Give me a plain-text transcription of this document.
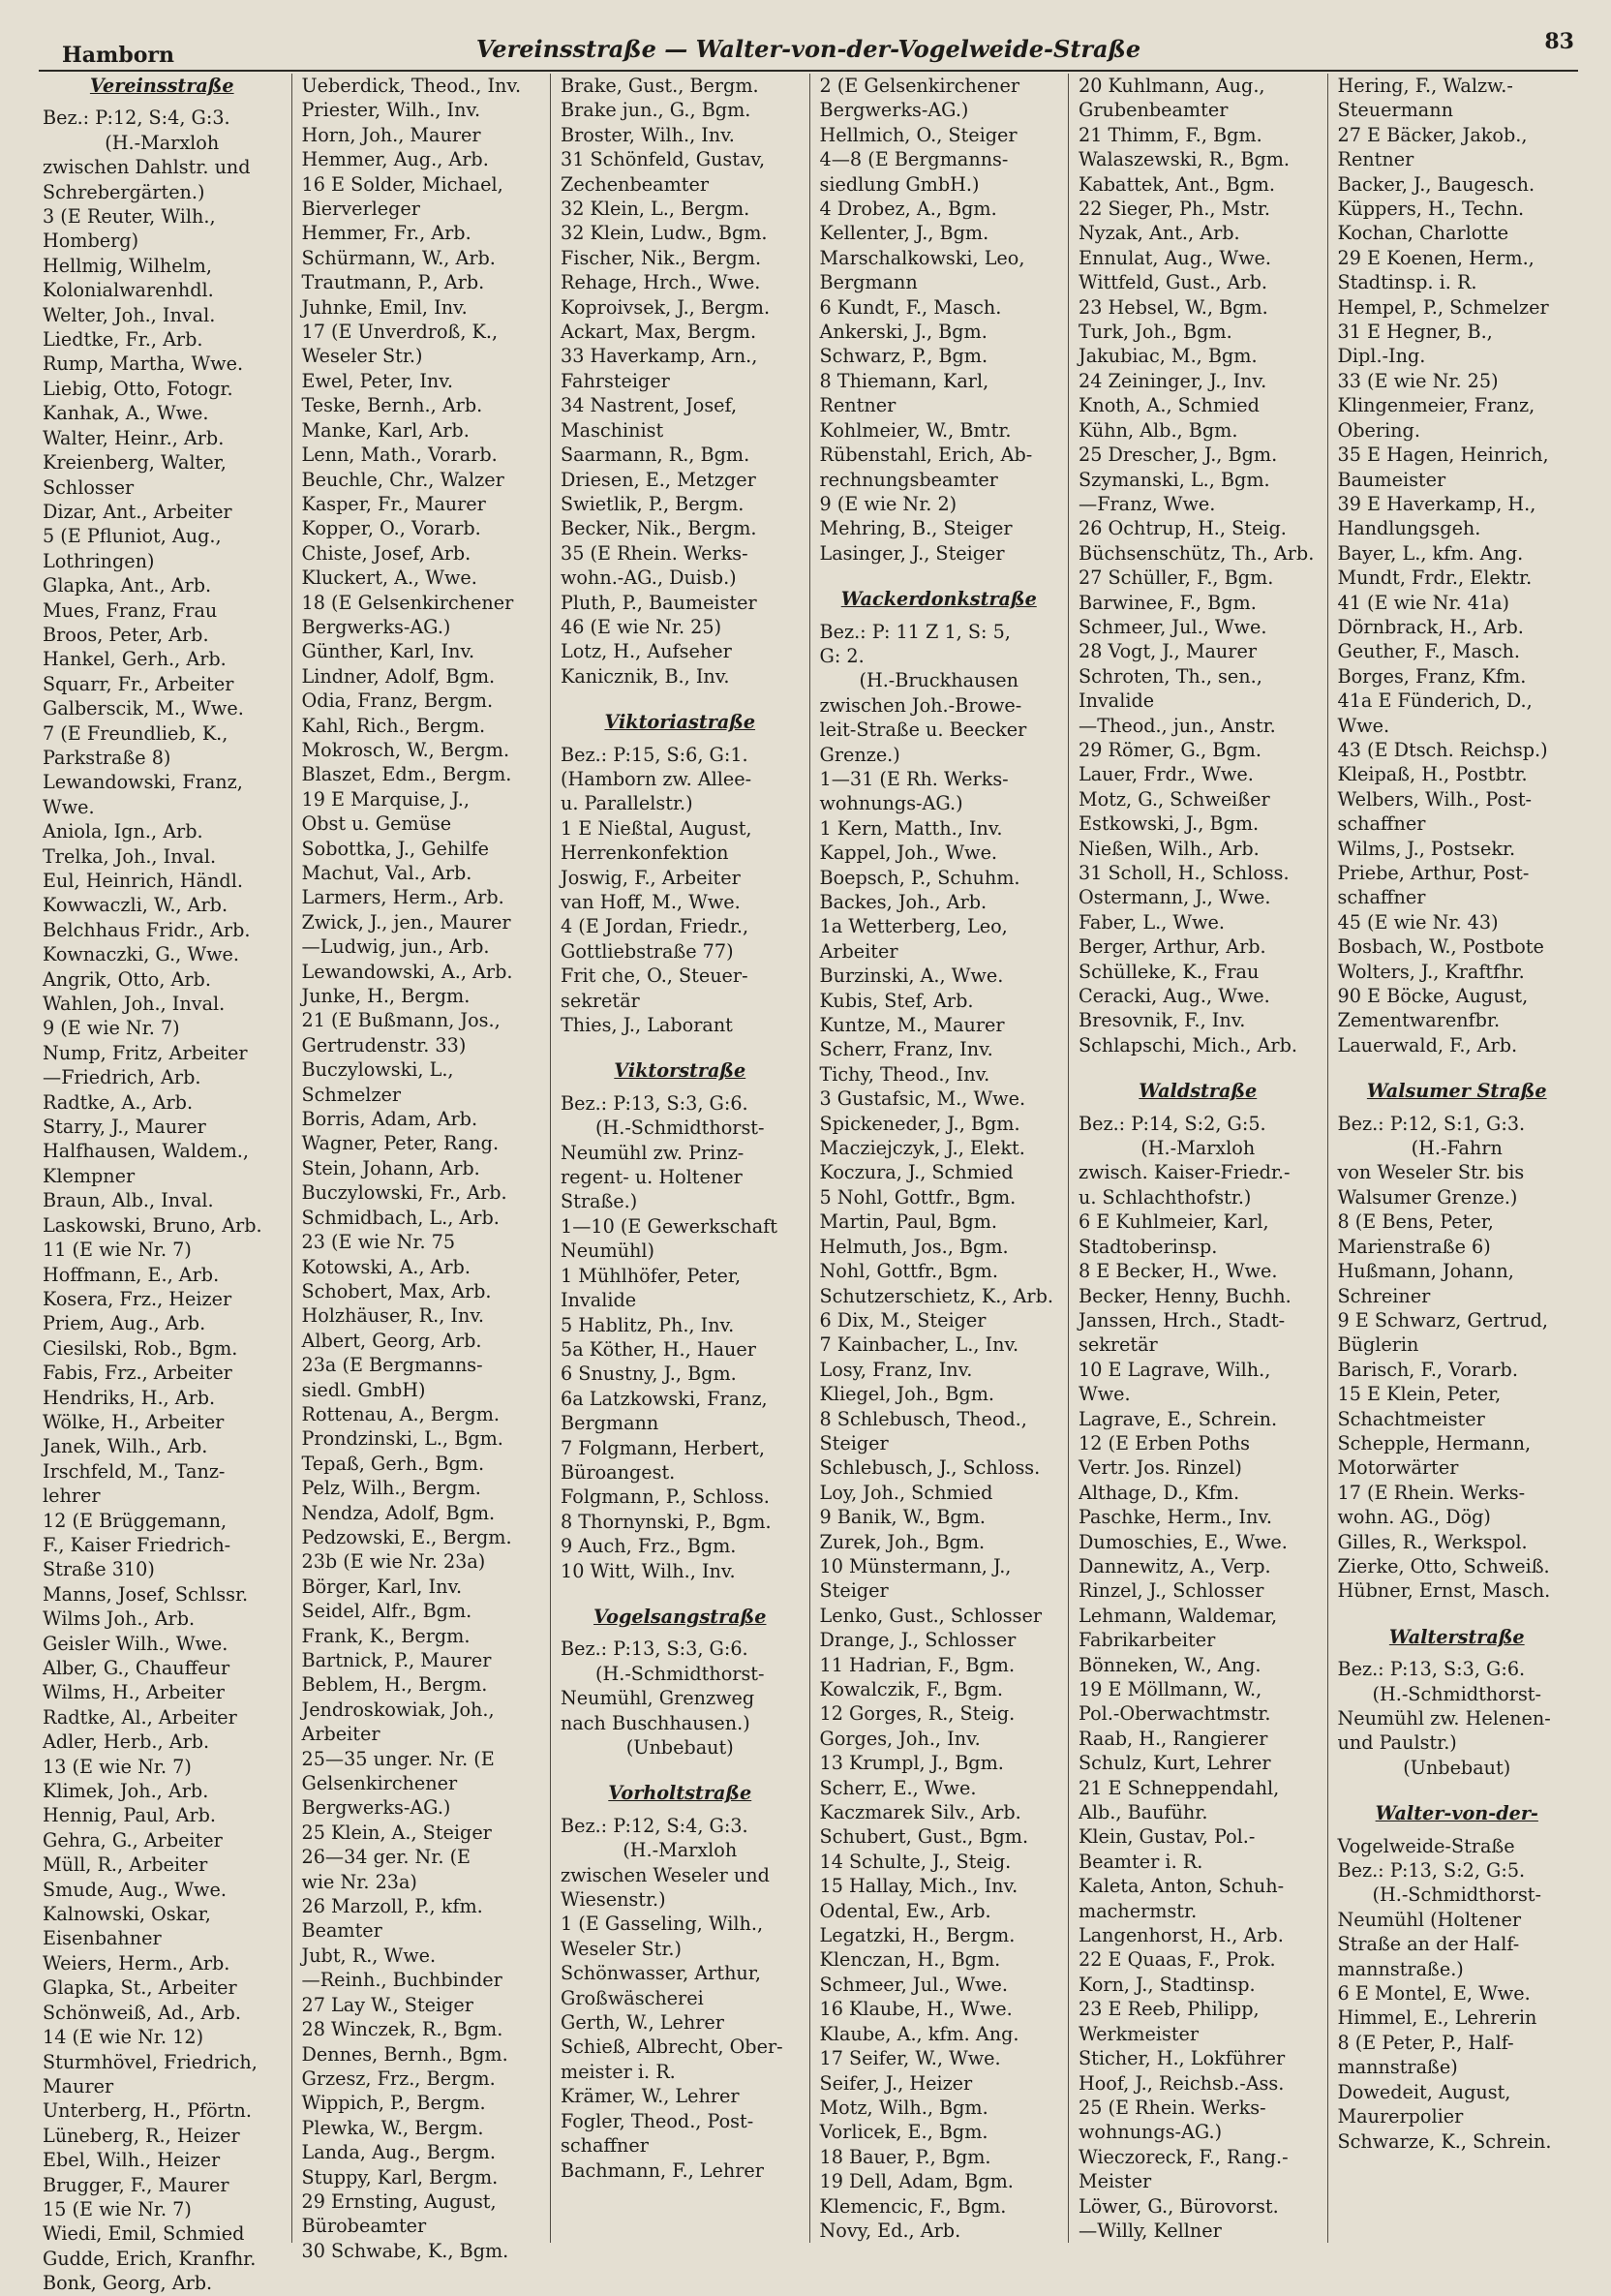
Hamborn	Vereinsstraße — Walter-von-der-Vogelweide-Straße	83

Vereinsstraße

Bez.: P:12, S:4, G:3.

(H.-Marxloh

zwischen Dahlstr. und

Schrebergärten.)

3 (E Reuter, Wilh.,

Homberg)

Hellmig, Wilhelm,

Kolonialwarenhdl.

Welter, Joh., Inval.

Liedtke, Fr., Arb.

Rump, Martha, Wwe.

Liebig, Otto, Fotogr.

Kanhak, A., Wwe.

Walter, Heinr., Arb.

Kreienberg, Walter,

Schlosser

Dizar, Ant., Arbeiter

5 (E Pfluniot, Aug.,

Lothringen)

Glapka, Ant., Arb.

Mues, Franz, Frau

Broos, Peter, Arb.

Hankel, Gerh., Arb.

Squarr, Fr., Arbeiter

Galberscik, M., Wwe.

7 (E Freundlieb, K.,

Parkstraße 8)

Lewandowski, Franz,

Wwe.

Aniola, Ign., Arb.

Trelka, Joh., Inval.

Eul, Heinrich, Händl.

Kowwaczli, W., Arb.

Belchhaus Fridr., Arb.

Kownaczki, G., Wwe.

Angrik, Otto, Arb.

Wahlen, Joh., Inval.

9 (E wie Nr. 7)

Nump, Fritz, Arbeiter

—Friedrich, Arb.

Radtke, A., Arb.

Starry, J., Maurer

Halfhausen, Waldem.,

Klempner

Braun, Alb., Inval.

Laskowski, Bruno, Arb.

11 (E wie Nr. 7)

Hoffmann, E., Arb.

Kosera, Frz., Heizer

Priem, Aug., Arb.

Ciesilski, Rob., Bgm.

Fabis, Frz., Arbeiter

Hendriks, H., Arb.

Wölke, H., Arbeiter

Janek, Wilh., Arb.

Irschfeld, M., Tanz-

lehrer

12 (E Brüggemann,

F., Kaiser Friedrich-

Straße 310)

Manns, Josef, Schlssr.

Wilms Joh., Arb.

Geisler Wilh., Wwe.

Alber, G., Chauffeur

Wilms, H., Arbeiter

Radtke, Al., Arbeiter

Adler, Herb., Arb.

13 (E wie Nr. 7)

Klimek, Joh., Arb.

Hennig, Paul, Arb.

Gehra, G., Arbeiter

Müll, R., Arbeiter

Smude, Aug., Wwe.

Kalnowski, Oskar,

Eisenbahner

Weiers, Herm., Arb.

Glapka, St., Arbeiter

Schönweiß, Ad., Arb.

14 (E wie Nr. 12)

Sturmhövel, Friedrich,

Maurer

Unterberg, H., Pförtn.

Lüneberg, R., Heizer

Ebel, Wilh., Heizer

Brugger, F., Maurer

15 (E wie Nr. 7)

Wiedi, Emil, Schmied

Gudde, Erich, Kranfhr.

Bonk, Georg, Arb.

Ueberdick, Theod., Inv.

Priester, Wilh., Inv.

Horn, Joh., Maurer

Hemmer, Aug., Arb.

16 E Solder, Michael,

Bierverleger

Hemmer, Fr., Arb.

Schürmann, W., Arb.

Trautmann, P., Arb.

Juhnke, Emil, Inv.

17 (E Unverdroß, K.,

Weseler Str.)

Ewel, Peter, Inv.

Teske, Bernh., Arb.

Manke, Karl, Arb.

Lenn, Math., Vorarb.

Beuchle, Chr., Walzer

Kasper, Fr., Maurer

Kopper, O., Vorarb.

Chiste, Josef, Arb.

Kluckert, A., Wwe.

18 (E Gelsenkirchener

Bergwerks-AG.)

Günther, Karl, Inv.

Lindner, Adolf, Bgm.

Odia, Franz, Bergm.

Kahl, Rich., Bergm.

Mokrosch, W., Bergm.

Blaszet, Edm., Bergm.

19 E Marquise, J.,

Obst u. Gemüse

Sobottka, J., Gehilfe

Machut, Val., Arb.

Larmers, Herm., Arb.

Zwick, J., jen., Maurer

—Ludwig, jun., Arb.

Lewandowski, A., Arb.

Junke, H., Bergm.

21 (E Bußmann, Jos.,

Gertrudenstr. 33)

Buczylowski, L.,

Schmelzer

Borris, Adam, Arb.

Wagner, Peter, Rang.

Stein, Johann, Arb.

Buczylowski, Fr., Arb.

Schmidbach, L., Arb.

23 (E wie Nr. 75

Kotowski, A., Arb.

Schobert, Max, Arb.

Holzhäuser, R., Inv.

Albert, Georg, Arb.

23a (E Bergmanns-

siedl. GmbH)

Rottenau, A., Bergm.

Prondzinski, L., Bgm.

Tepaß, Gerh., Bgm.

Pelz, Wilh., Bergm.

Nendza, Adolf, Bgm.

Pedzowski, E., Bergm.

23b (E wie Nr. 23a)

Börger, Karl, Inv.

Seidel, Alfr., Bgm.

Frank, K., Bergm.

Bartnick, P., Maurer

Beblem, H., Bergm.

Jendroskowiak, Joh.,

Arbeiter

25—35 unger. Nr. (E

Gelsenkirchener

Bergwerks-AG.)

25 Klein, A., Steiger

26—34 ger. Nr. (E

wie Nr. 23a)

26 Marzoll, P., kfm.

Beamter

Jubt, R., Wwe.

—Reinh., Buchbinder

27 Lay W., Steiger

28 Winczek, R., Bgm.

Dennes, Bernh., Bgm.

Grzesz, Frz., Bergm.

Wippich, P., Bergm.

Plewka, W., Bergm.

Landa, Aug., Bergm.

Stuppy, Karl, Bergm.

29 Ernsting, August,

Bürobeamter

30 Schwabe, K., Bgm.

Brake, Gust., Bergm.

Brake jun., G., Bgm.

Broster, Wilh., Inv.

31 Schönfeld, Gustav,

Zechenbeamter

32 Klein, L., Bergm.

32 Klein, Ludw., Bgm.

Fischer, Nik., Bergm.

Rehage, Hrch., Wwe.

Koproivsek, J., Bergm.

Ackart, Max, Bergm.

33 Haverkamp, Arn.,

Fahrsteiger

34 Nastrent, Josef,

Maschinist

Saarmann, R., Bgm.

Driesen, E., Metzger

Swietlik, P., Bergm.

Becker, Nik., Bergm.

35 (E Rhein. Werks-

wohn.-AG., Duisb.)

Pluth, P., Baumeister

46 (E wie Nr. 25)

Lotz, H., Aufseher

Kanicznik, B., Inv.

Viktoriastraße

Bez.: P:15, S:6, G:1.

(Hamborn zw. Allee-

u. Parallelstr.)

1 E Nießtal, August,

Herrenkonfektion

Joswig, F., Arbeiter

van Hoff, M., Wwe.

4 (E Jordan, Friedr.,

Gottliebstraße 77)

Frit che, O., Steuer-

sekretär

Thies, J., Laborant

Viktorstraße

Bez.: P:13, S:3, G:6.

(H.-Schmidthorst-

Neumühl zw. Prinz-

regent- u. Holtener

Straße.)

1—10 (E Gewerkschaft

Neumühl)

1 Mühlhöfer, Peter,

Invalide

5 Hablitz, Ph., Inv.

5a Köther, H., Hauer

6 Snustny, J., Bgm.

6a Latzkowski, Franz,

Bergmann

7 Folgmann, Herbert,

Büroangest.

Folgmann, P., Schloss.

8 Thornynski, P., Bgm.

9 Auch, Frz., Bgm.

10 Witt, Wilh., Inv.

Vogelsangstraße

Bez.: P:13, S:3, G:6.

(H.-Schmidthorst-

Neumühl, Grenzweg

nach Buschhausen.)

(Unbebaut)

Vorholtstraße

Bez.: P:12, S:4, G:3.

(H.-Marxloh

zwischen Weseler und

Wiesenstr.)

1 (E Gasseling, Wilh.,

Weseler Str.)

Schönwasser, Arthur,

Großwäscherei

Gerth, W., Lehrer

Schieß, Albrecht, Ober-

meister i. R.

Krämer, W., Lehrer

Fogler, Theod., Post-

schaffner

Bachmann, F., Lehrer

2 (E Gelsenkirchener

Bergwerks-AG.)

Hellmich, O., Steiger

4—8 (E Bergmanns-

siedlung GmbH.)

4 Drobez, A., Bgm.

Kellenter, J., Bgm.

Marschalkowski, Leo,

Bergmann

6 Kundt, F., Masch.

Ankerski, J., Bgm.

Schwarz, P., Bgm.

8 Thiemann, Karl,

Rentner

Kohlmeier, W., Bmtr.

Rübenstahl, Erich, Ab-

rechnungsbeamter

9 (E wie Nr. 2)

Mehring, B., Steiger

Lasinger, J., Steiger

Wackerdonkstraße

Bez.: P: 11 Z 1, S: 5,

G: 2.

(H.-Bruckhausen

zwischen Joh.-Browe-

leit-Straße u. Beecker

Grenze.)

1—31 (E Rh. Werks-

wohnungs-AG.)

1 Kern, Matth., Inv.

Kappel, Joh., Wwe.

Boepsch, P., Schuhm.

Backes, Joh., Arb.

1a Wetterberg, Leo,

Arbeiter

Burzinski, A., Wwe.

Kubis, Stef, Arb.

Kuntze, M., Maurer

Scherr, Franz, Inv.

Tichy, Theod., Inv.

3 Gustafsic, M., Wwe.

Spickeneder, J., Bgm.

Macziejczyk, J., Elekt.

Koczura, J., Schmied

5 Nohl, Gottfr., Bgm.

Martin, Paul, Bgm.

Helmuth, Jos., Bgm.

Nohl, Gottfr., Bgm.

Schutzerschietz, K., Arb.

6 Dix, M., Steiger

7 Kainbacher, L., Inv.

Losy, Franz, Inv.

Kliegel, Joh., Bgm.

8 Schlebusch, Theod.,

Steiger

Schlebusch, J., Schloss.

Loy, Joh., Schmied

9 Banik, W., Bgm.

Zurek, Joh., Bgm.

10 Münstermann, J.,

Steiger

Lenko, Gust., Schlosser

Drange, J., Schlosser

11 Hadrian, F., Bgm.

Kowalczik, F., Bgm.

12 Gorges, R., Steig.

Gorges, Joh., Inv.

13 Krumpl, J., Bgm.

Scherr, E., Wwe.

Kaczmarek Silv., Arb.

Schubert, Gust., Bgm.

14 Schulte, J., Steig.

15 Hallay, Mich., Inv.

Odental, Ew., Arb.

Legatzki, H., Bergm.

Klenczan, H., Bgm.

Schmeer, Jul., Wwe.

16 Klaube, H., Wwe.

Klaube, A., kfm. Ang.

17 Seifer, W., Wwe.

Seifer, J., Heizer

Motz, Wilh., Bgm.

Vorlicek, E., Bgm.

18 Bauer, P., Bgm.

19 Dell, Adam, Bgm.

Klemencic, F., Bgm.

Novy, Ed., Arb.

20 Kuhlmann, Aug.,

Grubenbeamter

21 Thimm, F., Bgm.

Walaszewski, R., Bgm.

Kabattek, Ant., Bgm.

22 Sieger, Ph., Mstr.

Nyzak, Ant., Arb.

Ennulat, Aug., Wwe.

Wittfeld, Gust., Arb.

23 Hebsel, W., Bgm.

Turk, Joh., Bgm.

Jakubiac, M., Bgm.

24 Zeininger, J., Inv.

Knoth, A., Schmied

Kühn, Alb., Bgm.

25 Drescher, J., Bgm.

Szymanski, L., Bgm.

—Franz, Wwe.

26 Ochtrup, H., Steig.

Büchsenschütz, Th., Arb.

27 Schüller, F., Bgm.

Barwinee, F., Bgm.

Schmeer, Jul., Wwe.

28 Vogt, J., Maurer

Schroten, Th., sen.,

Invalide

—Theod., jun., Anstr.

29 Römer, G., Bgm.

Lauer, Frdr., Wwe.

Motz, G., Schweißer

Estkowski, J., Bgm.

Nießen, Wilh., Arb.

31 Scholl, H., Schloss.

Ostermann, J., Wwe.

Faber, L., Wwe.

Berger, Arthur, Arb.

Schülleke, K., Frau

Ceracki, Aug., Wwe.

Bresovnik, F., Inv.

Schlapschi, Mich., Arb.

Waldstraße

Bez.: P:14, S:2, G:5.

(H.-Marxloh

zwisch. Kaiser-Friedr.-

u. Schlachthofstr.)

6 E Kuhlmeier, Karl,

Stadtoberinsp.

8 E Becker, H., Wwe.

Becker, Henny, Buchh.

Janssen, Hrch., Stadt-

sekretär

10 E Lagrave, Wilh.,

Wwe.

Lagrave, E., Schrein.

12 (E Erben Poths

Vertr. Jos. Rinzel)

Althage, D., Kfm.

Paschke, Herm., Inv.

Dumoschies, E., Wwe.

Dannewitz, A., Verp.

Rinzel, J., Schlosser

Lehmann, Waldemar,

Fabrikarbeiter

Bönneken, W., Ang.

19 E Möllmann, W.,

Pol.-Oberwachtmstr.

Raab, H., Rangierer

Schulz, Kurt, Lehrer

21 E Schneppendahl,

Alb., Bauführ.

Klein, Gustav, Pol.-

Beamter i. R.

Kaleta, Anton, Schuh-

machermstr.

Langenhorst, H., Arb.

22 E Quaas, F., Prok.

Korn, J., Stadtinsp.

23 E Reeb, Philipp,

Werkmeister

Sticher, H., Lokführer

Hoof, J., Reichsb.-Ass.

25 (E Rhein. Werks-

wohnungs-AG.)

Wieczoreck, F., Rang.-

Meister

Löwer, G., Bürovorst.

—Willy, Kellner

Hering, F., Walzw.-

Steuermann

27 E Bäcker, Jakob.,

Rentner

Backer, J., Baugesch.

Küppers, H., Techn.

Kochan, Charlotte

29 E Koenen, Herm.,

Stadtinsp. i. R.

Hempel, P., Schmelzer

31 E Hegner, B.,

Dipl.-Ing.

33 (E wie Nr. 25)

Klingenmeier, Franz,

Obering.

35 E Hagen, Heinrich,

Baumeister

39 E Haverkamp, H.,

Handlungsgeh.

Bayer, L., kfm. Ang.

Mundt, Frdr., Elektr.

41 (E wie Nr. 41a)

Dörnbrack, H., Arb.

Geuther, F., Masch.

Borges, Franz, Kfm.

41a E Fünderich, D.,

Wwe.

43 (E Dtsch. Reichsp.)

Kleipaß, H., Postbtr.

Welbers, Wilh., Post-

schaffner

Wilms, J., Postsekr.

Priebe, Arthur, Post-

schaffner

45 (E wie Nr. 43)

Bosbach, W., Postbote

Wolters, J., Kraftfhr.

90 E Böcke, August,

Zementwarenfbr.

Lauerwald, F., Arb.

Walsumer Straße

Bez.: P:12, S:1, G:3.

(H.-Fahrn

von Weseler Str. bis

Walsumer Grenze.)

8 (E Bens, Peter,

Marienstraße 6)

Hußmann, Johann,

Schreiner

9 E Schwarz, Gertrud,

Büglerin

Barisch, F., Vorarb.

15 E Klein, Peter,

Schachtmeister

Schepple, Hermann,

Motorwärter

17 (E Rhein. Werks-

wohn. AG., Dög)

Gilles, R., Werkspol.

Zierke, Otto, Schweiß.

Hübner, Ernst, Masch.

Walterstraße

Bez.: P:13, S:3, G:6.

(H.-Schmidthorst-

Neumühl zw. Helenen-

und Paulstr.)

(Unbebaut)

Walter-von-der-

Vogelweide-Straße

Bez.: P:13, S:2, G:5.

(H.-Schmidthorst-

Neumühl (Holtener

Straße an der Half-

mannstraße.)

6 E Montel, E, Wwe.

Himmel, E., Lehrerin

8 (E Peter, P., Half-

mannstraße)

Dowedeit, August,

Maurerpolier

Schwarze, K., Schrein.
